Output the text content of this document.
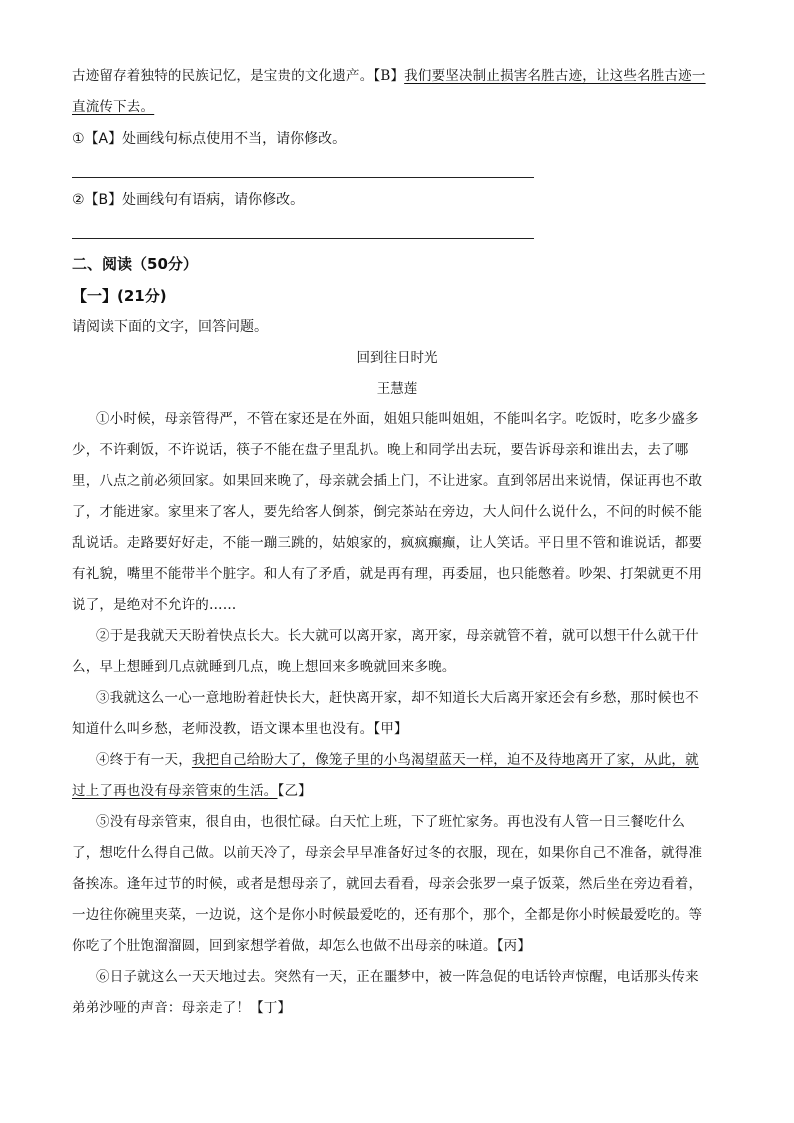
古迹留存着独特的民族记忆，是宝贵的文化遗产。【B】我们要坚决制止损害名胜古迹，让这些名胜古迹一
直流传下去。
①【A】处画线句标点使用不当，请你修改。
②【B】处画线句有语病，请你修改。
二、阅读（50分）
【一】(21分)
请阅读下面的文字，回答问题。
回到往日时光
王慧莲
①小时候，母亲管得严，不管在家还是在外面，姐姐只能叫姐姐，不能叫名字。吃饭时，吃多少盛多
少，不许剩饭，不许说话，筷子不能在盘子里乱扒。晚上和同学出去玩，要告诉母亲和谁出去，去了哪
里，八点之前必须回家。如果回来晚了，母亲就会插上门，不让进家。直到邻居出来说情，保证再也不敢
了，才能进家。家里来了客人，要先给客人倒茶，倒完茶站在旁边，大人问什么说什么，不问的时候不能
乱说话。走路要好好走，不能一蹦三跳的，姑娘家的，疯疯癫癫，让人笑话。平日里不管和谁说话，都要
有礼貌，嘴里不能带半个脏字。和人有了矛盾，就是再有理，再委屈，也只能憋着。吵架、打架就更不用
说了，是绝对不允许的……
②于是我就天天盼着快点长大。长大就可以离开家，离开家，母亲就管不着，就可以想干什么就干什
么，早上想睡到几点就睡到几点，晚上想回来多晚就回来多晚。
③我就这么一心一意地盼着赶快长大，赶快离开家，却不知道长大后离开家还会有乡愁，那时候也不
知道什么叫乡愁，老师没教，语文课本里也没有。【甲】
④终于有一天，我把自己给盼大了，像笼子里的小鸟渴望蓝天一样，迫不及待地离开了家，从此，就
过上了再也没有母亲管束的生活。【乙】
⑤没有母亲管束，很自由，也很忙碌。白天忙上班，下了班忙家务。再也没有人管一日三餐吃什么
了，想吃什么得自己做。以前天冷了，母亲会早早准备好过冬的衣服，现在，如果你自己不准备，就得准
备挨冻。逢年过节的时候，或者是想母亲了，就回去看看，母亲会张罗一桌子饭菜，然后坐在旁边看着，
一边往你碗里夹菜，一边说，这个是你小时候最爱吃的，还有那个，那个，全都是你小时候最爱吃的。等
你吃了个肚饱溜溜圆，回到家想学着做，却怎么也做不出母亲的味道。【丙】
⑥日子就这么一天天地过去。突然有一天，正在噩梦中，被一阵急促的电话铃声惊醒，电话那头传来
弟弟沙哑的声音：母亲走了！【丁】
